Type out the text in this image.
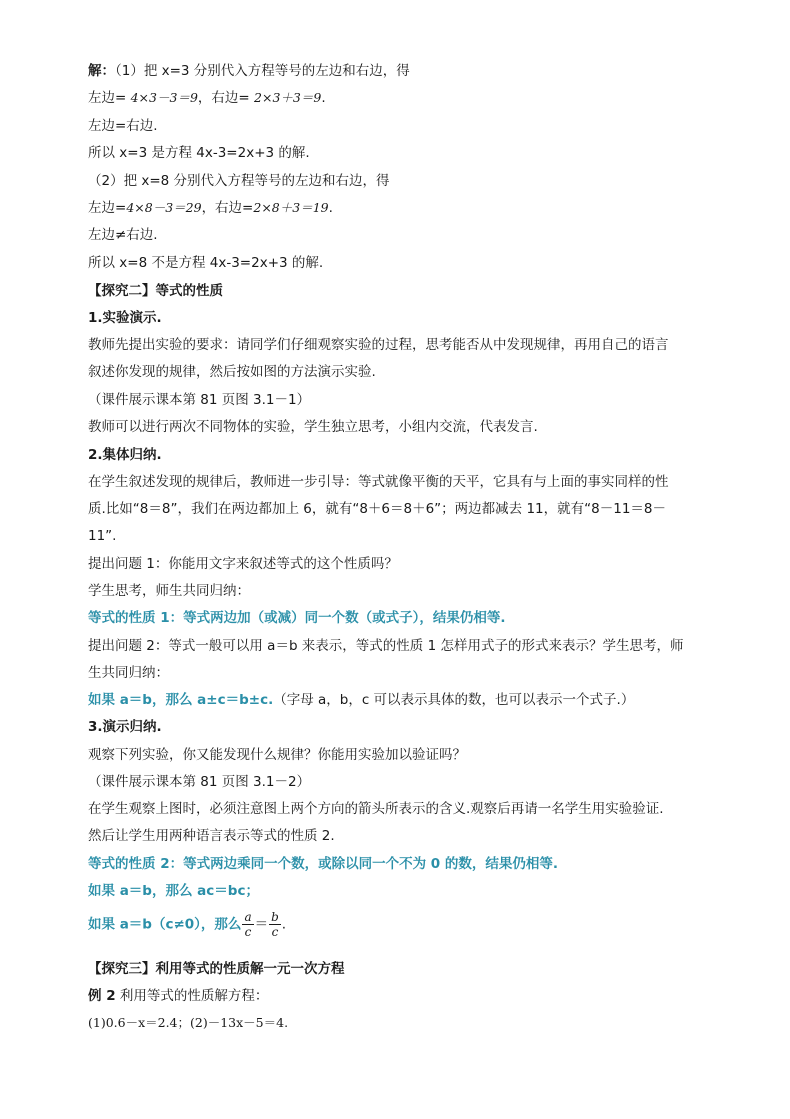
解：（1）把 x=3 分别代入方程等号的左边和右边，得
左边= 4×3－3＝9，右边= 2×3＋3＝9.
左边=右边.
所以 x=3 是方程 4x-3=2x+3 的解.
（2）把 x=8 分别代入方程等号的左边和右边，得
左边=4×8－3＝29，右边=2×8＋3＝19.
左边≠右边.
所以 x=8 不是方程 4x-3=2x+3 的解.
【探究二】等式的性质
1.实验演示.
教师先提出实验的要求：请同学们仔细观察实验的过程，思考能否从中发现规律，再用自己的语言
叙述你发现的规律，然后按如图的方法演示实验.
（课件展示课本第 81 页图 3.1－1）
教师可以进行两次不同物体的实验，学生独立思考，小组内交流，代表发言.
2.集体归纳.
在学生叙述发现的规律后，教师进一步引导：等式就像平衡的天平，它具有与上面的事实同样的性
质.比如“8＝8”，我们在两边都加上 6，就有“8＋6＝8＋6”；两边都减去 11，就有“8－11＝8－
11”.
提出问题 1：你能用文字来叙述等式的这个性质吗？
学生思考，师生共同归纳：
等式的性质 1：等式两边加（或减）同一个数（或式子），结果仍相等.
提出问题 2：等式一般可以用 a＝b 来表示，等式的性质 1 怎样用式子的形式来表示？学生思考，师
生共同归纳：
如果 a＝b，那么 a±c＝b±c.（字母 a，b，c 可以表示具体的数，也可以表示一个式子.）
3.演示归纳.
观察下列实验，你又能发现什么规律？你能用实验加以验证吗？
（课件展示课本第 81 页图 3.1－2）
在学生观察上图时，必须注意图上两个方向的箭头所表示的含义.观察后再请一名学生用实验验证.
然后让学生用两种语言表示等式的性质 2.
等式的性质 2：等式两边乘同一个数，或除以同一个不为 0 的数，结果仍相等.
如果 a＝b，那么 ac＝bc；
如果 a＝b（c≠0），那么 $\frac{a}{c} = \frac{b}{c}$ .
【探究三】利用等式的性质解一元一次方程
例 2 利用等式的性质解方程：
(1)0.6－x＝2.4；(2)－13x－5＝4.
